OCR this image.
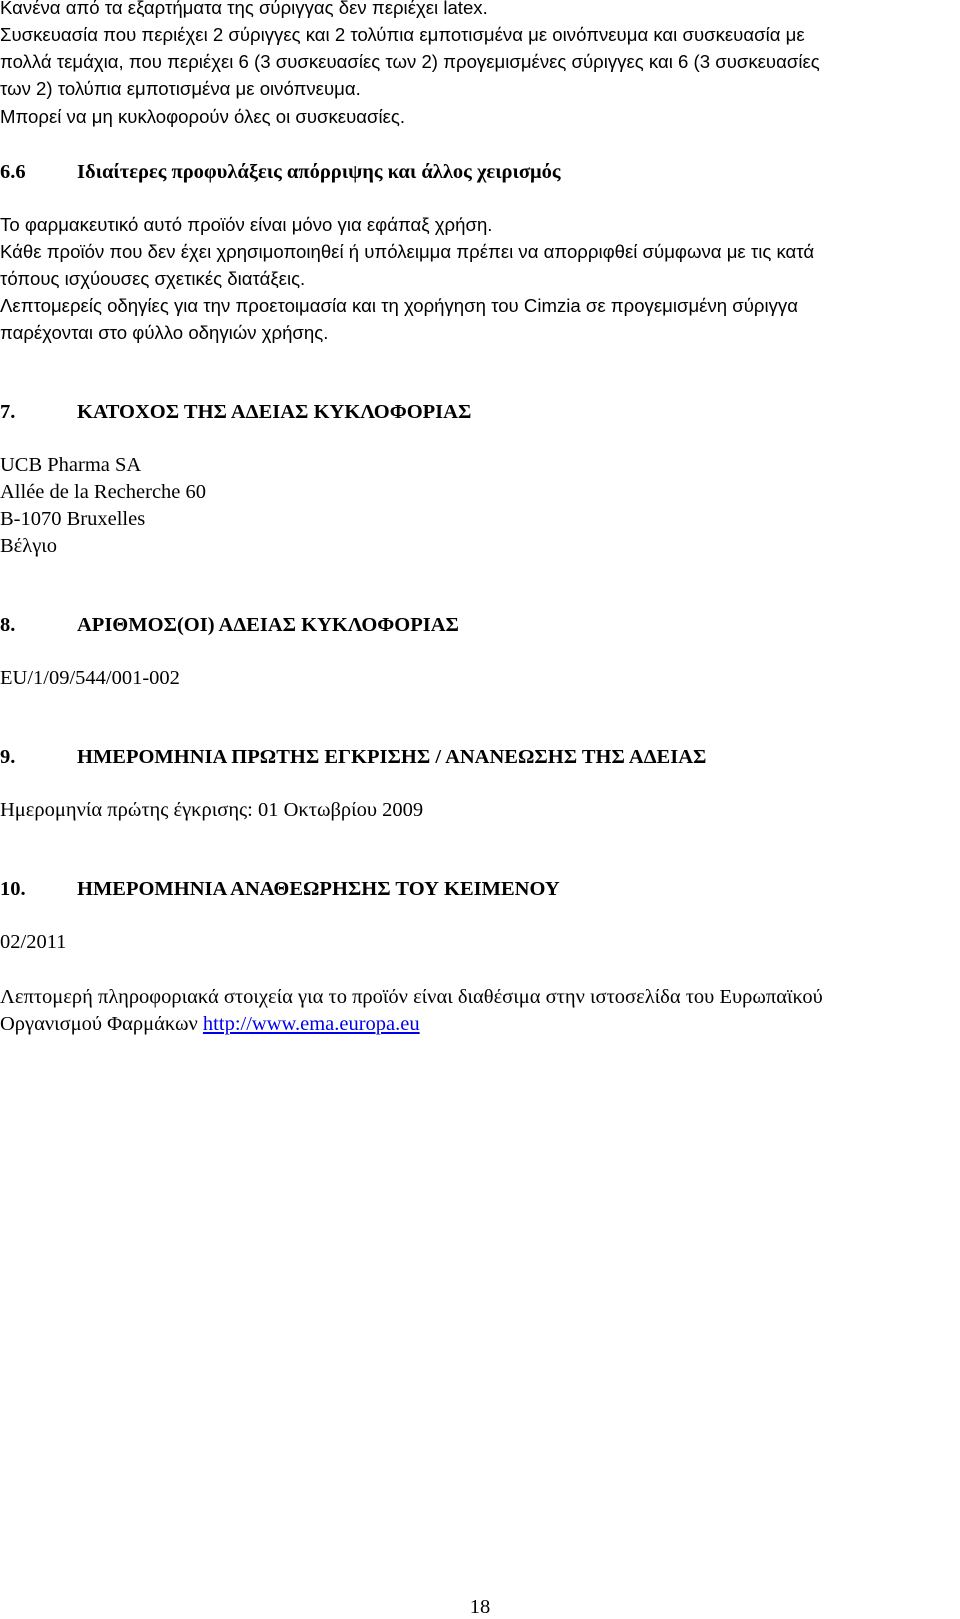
Κανένα από τα εξαρτήματα της σύριγγας δεν περιέχει latex.
Συσκευασία που περιέχει 2 σύριγγες και 2 τολύπια εμποτισμένα με οινόπνευμα και συσκευασία με
πολλά τεμάχια, που περιέχει 6 (3 συσκευασίες των 2) προγεμισμένες σύριγγες και 6 (3 συσκευασίες
των 2) τολύπια εμποτισμένα με οινόπνευμα.
Μπορεί να μη κυκλοφορούν όλες οι συσκευασίες.
6.6	Ιδιαίτερες προφυλάξεις απόρριψης και άλλος χειρισμός
Το φαρμακευτικό αυτό προϊόν είναι μόνο για εφάπαξ χρήση.
Κάθε προϊόν που δεν έχει χρησιμοποιηθεί ή υπόλειμμα πρέπει να απορριφθεί σύμφωνα με τις κατά
τόπους ισχύουσες σχετικές διατάξεις.
Λεπτομερείς οδηγίες για την προετοιμασία και τη χορήγηση του Cimzia σε προγεμισμένη σύριγγα
παρέχονται στο φύλλο οδηγιών χρήσης.
7.	ΚΑΤΟΧΟΣ ΤΗΣ ΑΔΕΙΑΣ ΚΥΚΛΟΦΟΡΙΑΣ
UCB Pharma SA
Allée de la Recherche 60
B-1070 Bruxelles
Βέλγιο
8.	ΑΡΙΘΜΟΣ(ΟΙ) ΑΔΕΙΑΣ ΚΥΚΛΟΦΟΡΙΑΣ
EU/1/09/544/001-002
9.	ΗΜΕΡΟΜΗΝΙΑ ΠΡΩΤΗΣ ΕΓΚΡΙΣΗΣ / ΑΝΑΝΕΩΣΗΣ ΤΗΣ ΑΔΕΙΑΣ
Ημερομηνία πρώτης έγκρισης: 01 Οκτωβρίου 2009
10.	ΗΜΕΡΟΜΗΝΙΑ ΑΝΑΘΕΩΡΗΣΗΣ ΤΟΥ ΚΕΙΜΕΝΟΥ
02/2011
Λεπτομερή πληροφοριακά στοιχεία για το προϊόν είναι διαθέσιμα στην ιστοσελίδα του Ευρωπαϊκού
Οργανισμού Φαρμάκων http://www.ema.europa.eu
18
